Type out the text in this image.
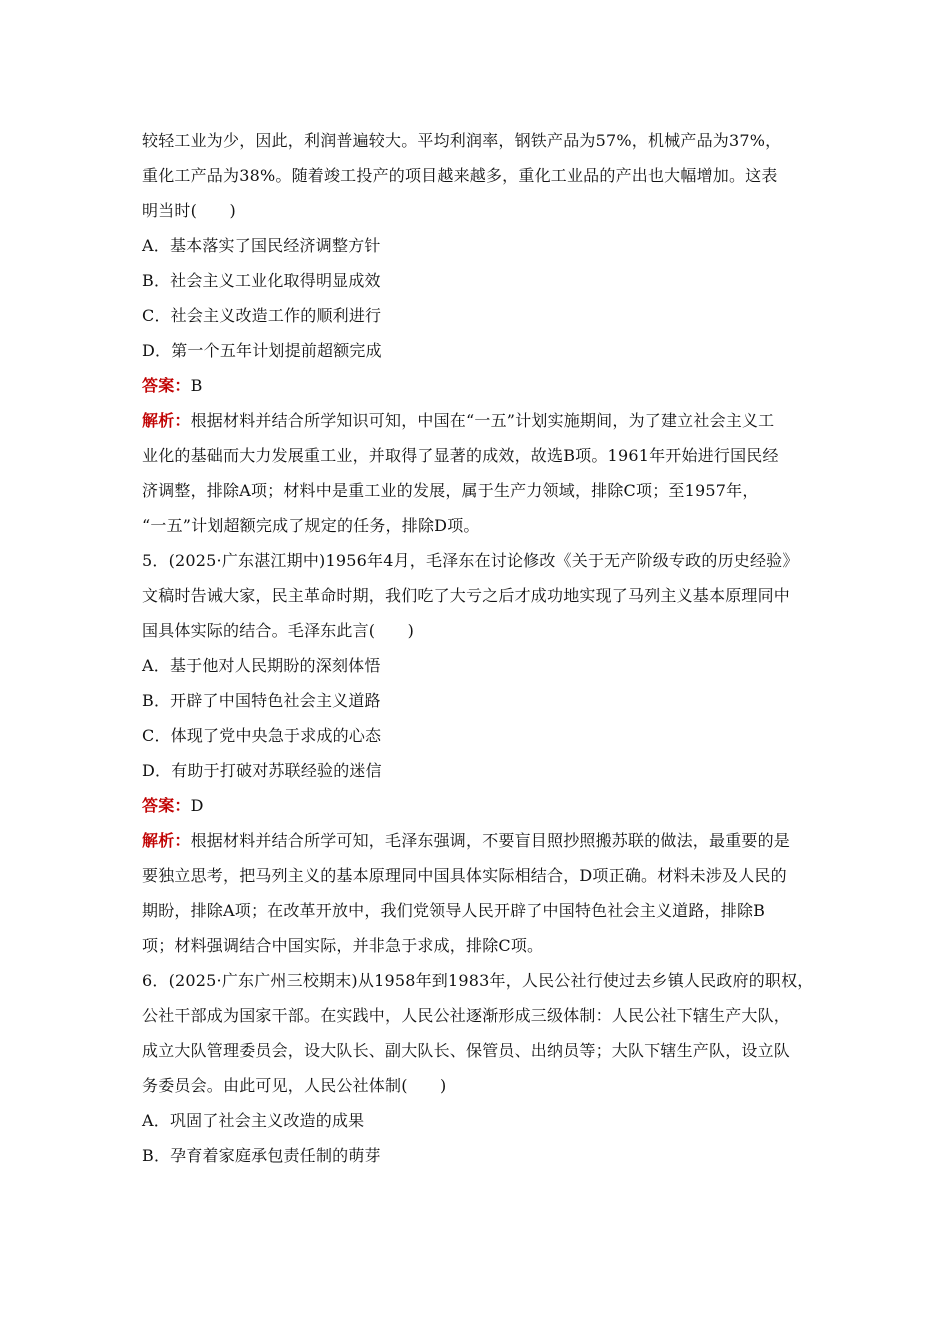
较轻工业为少，因此，利润普遍较大。平均利润率，钢铁产品为57%，机械产品为37%，
重化工产品为38%。随着竣工投产的项目越来越多，重化工业品的产出也大幅增加。这表
明当时(　　)
A．基本落实了国民经济调整方针
B．社会主义工业化取得明显成效
C．社会主义改造工作的顺利进行
D．第一个五年计划提前超额完成
答案：B
解析：根据材料并结合所学知识可知，中国在“一五”计划实施期间，为了建立社会主义工
业化的基础而大力发展重工业，并取得了显著的成效，故选B项。1961年开始进行国民经
济调整，排除A项；材料中是重工业的发展，属于生产力领域，排除C项；至1957年，
“一五”计划超额完成了规定的任务，排除D项。
5．(2025·广东湛江期中)1956年4月，毛泽东在讨论修改《关于无产阶级专政的历史经验》
文稿时告诫大家，民主革命时期，我们吃了大亏之后才成功地实现了马列主义基本原理同中
国具体实际的结合。毛泽东此言(　　)
A．基于他对人民期盼的深刻体悟
B．开辟了中国特色社会主义道路
C．体现了党中央急于求成的心态
D．有助于打破对苏联经验的迷信
答案：D
解析：根据材料并结合所学可知，毛泽东强调，不要盲目照抄照搬苏联的做法，最重要的是
要独立思考，把马列主义的基本原理同中国具体实际相结合，D项正确。材料未涉及人民的
期盼，排除A项；在改革开放中，我们党领导人民开辟了中国特色社会主义道路，排除B
项；材料强调结合中国实际，并非急于求成，排除C项。
6．(2025·广东广州三校期末)从1958年到1983年，人民公社行使过去乡镇人民政府的职权，
公社干部成为国家干部。在实践中，人民公社逐渐形成三级体制：人民公社下辖生产大队，
成立大队管理委员会，设大队长、副大队长、保管员、出纳员等；大队下辖生产队，设立队
务委员会。由此可见，人民公社体制(　　)
A．巩固了社会主义改造的成果
B．孕育着家庭承包责任制的萌芽
